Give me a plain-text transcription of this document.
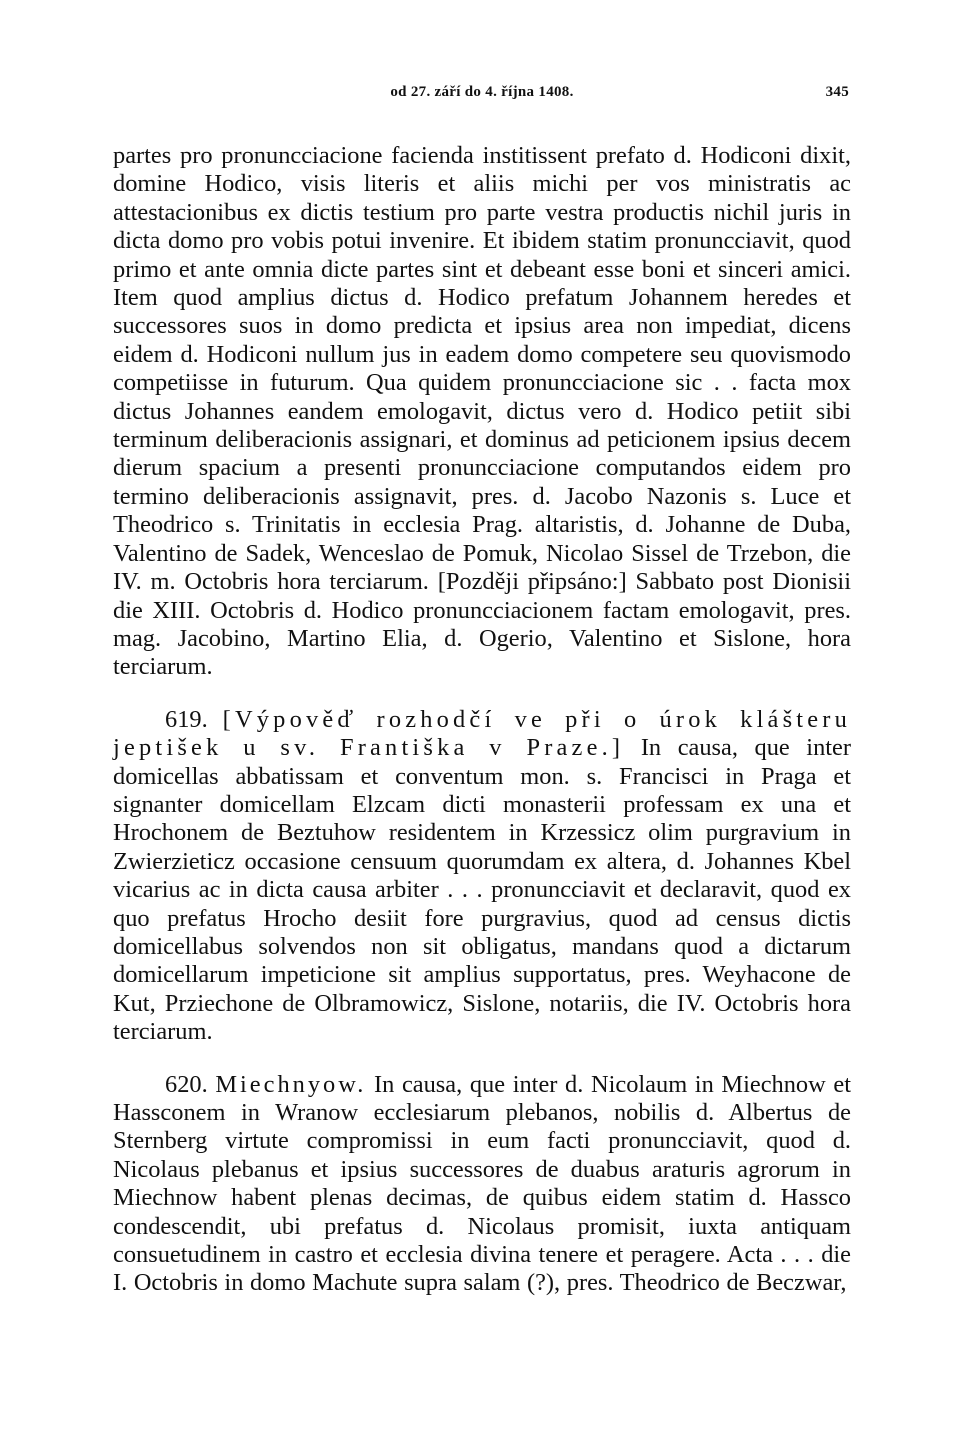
od 27. září do 4. října 1408.	345

partes pro pronuncciacione facienda institissent prefato d. Hodiconi dixit, domine Hodico, visis literis et aliis michi per vos ministratis ac attestacionibus ex dictis testium pro parte vestra productis nichil juris in dicta domo pro vobis potui invenire. Et ibidem statim pronuncciavit, quod primo et ante omnia dicte partes sint et debeant esse boni et sinceri amici. Item quod amplius dictus d. Hodico prefatum Johannem heredes et successores suos in domo predicta et ipsius area non impediat, dicens eidem d. Hodiconi nullum jus in eadem domo competere seu quovismodo competiisse in futurum. Qua quidem pronuncciacione sic . . facta mox dictus Johannes eandem emologavit, dictus vero d. Hodico petiit sibi terminum deliberacionis assignari, et dominus ad peticionem ipsius decem dierum spacium a presenti pronuncciacione computandos eidem pro termino deliberacionis assignavit, pres. d. Jacobo Nazonis s. Luce et Theodrico s. Trinitatis in ecclesia Prag. altaristis, d. Johanne de Duba, Valentino de Sadek, Wenceslao de Pomuk, Nicolao Sissel de Trzebon, die IV. m. Octobris hora terciarum. [Později připsáno:] Sabbato post Dionisii die XIII. Octobris d. Hodico pronuncciacionem factam emologavit, pres. mag. Jacobino, Martino Elia, d. Ogerio, Valentino et Sislone, hora terciarum.

619. [Výpověď rozhodčí ve při o úrok klášteru jeptišek u sv. Františka v Praze.] In causa, que inter domicellas abbatissam et conventum mon. s. Francisci in Praga et signanter domicellam Elzcam dicti monasterii professam ex una et Hrochonem de Beztuhow residentem in Krzessicz olim purgravium in Zwierzieticz occasione censuum quorumdam ex altera, d. Johannes Kbel vicarius ac in dicta causa arbiter . . . pronuncciavit et declaravit, quod ex quo prefatus Hrocho desiit fore purgravius, quod ad census dictis domicellabus solvendos non sit obligatus, mandans quod a dictarum domicellarum impeticione sit amplius supportatus, pres. Weyhacone de Kut, Prziechone de Olbramowicz, Sislone, notariis, die IV. Octobris hora terciarum.

620. Miechnyow. In causa, que inter d. Nicolaum in Miechnow et Hassconem in Wranow ecclesiarum plebanos, nobilis d. Albertus de Sternberg virtute compromissi in eum facti pronuncciavit, quod d. Nicolaus plebanus et ipsius successores de duabus araturis agrorum in Miechnow habent plenas decimas, de quibus eidem statim d. Hassco condescendit, ubi prefatus d. Nicolaus promisit, iuxta antiquam consuetudinem in castro et ecclesia divina tenere et peragere. Acta . . . die I. Octobris in domo Machute supra salam (?), pres. Theodrico de Beczwar,
